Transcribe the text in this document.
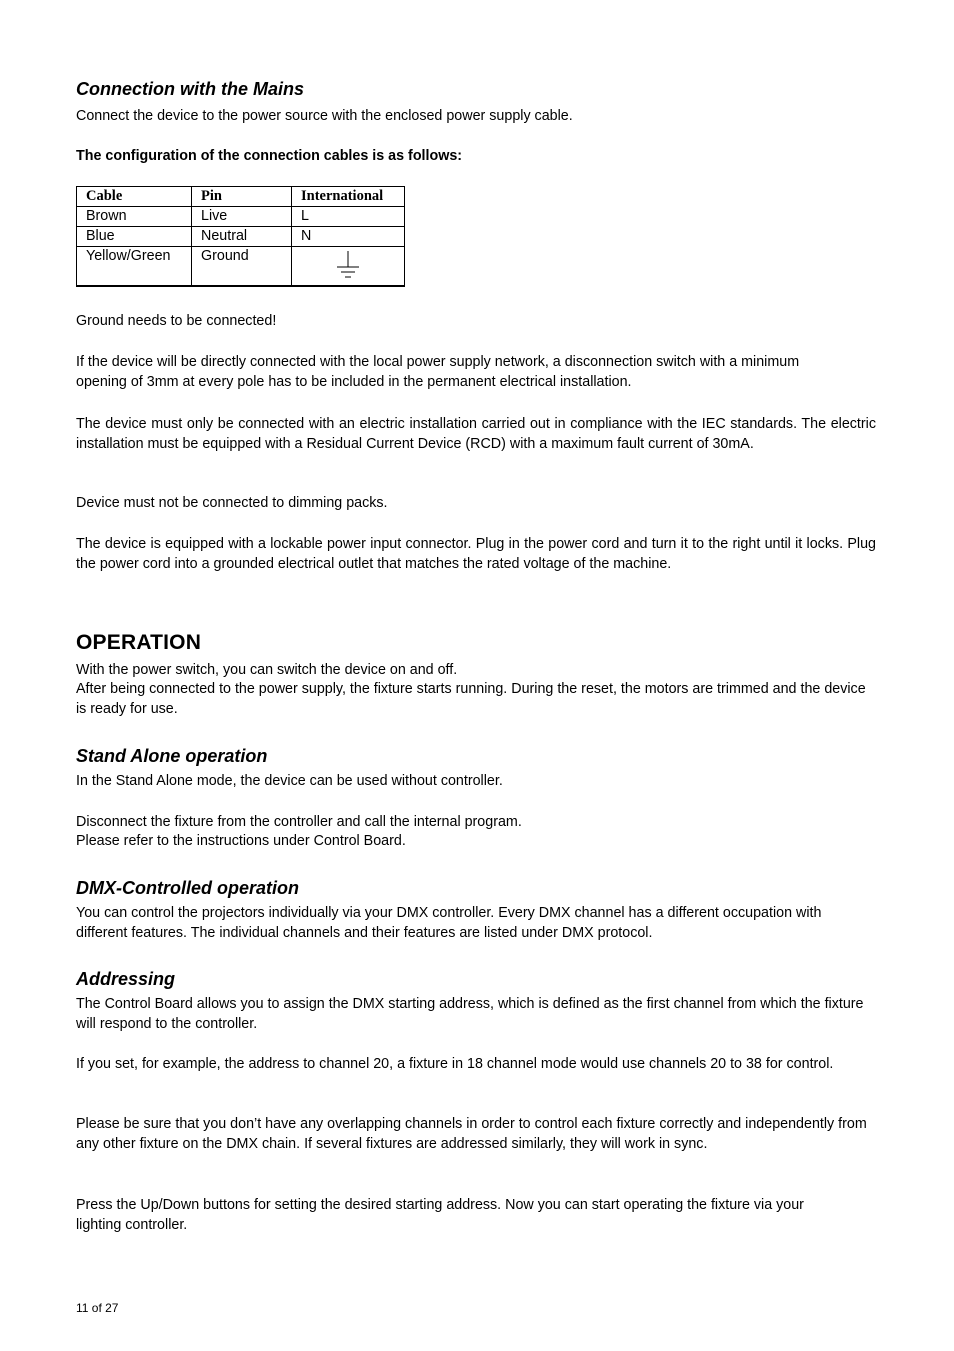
Connection with the Mains

Connect the device to the power source with the enclosed power supply cable.

The configuration of the connection cables is as follows:

Cable	Pin	International
Brown	Live	L
Blue	Neutral	N
Yellow/Green	Ground	

Ground needs to be connected!

If the device will be directly connected with the local power supply network, a disconnection switch with a minimum opening of 3mm at every pole has to be included in the permanent electrical installation.

The device must only be connected with an electric installation carried out in compliance with the IEC standards. The electric installation must be equipped with a Residual Current Device (RCD) with a maximum fault current of 30mA.

Device must not be connected to dimming packs.

The device is equipped with a lockable power input connector. Plug in the power cord and turn it to the right until it locks. Plug the power cord into a grounded electrical outlet that matches the rated voltage of the machine.

OPERATION

With the power switch, you can switch the device on and off.

After being connected to the power supply, the fixture starts running. During the reset, the motors are trimmed and the device is ready for use.

Stand Alone operation

In the Stand Alone mode, the device can be used without controller.

Disconnect the fixture from the controller and call the internal program.

Please refer to the instructions under Control Board.

DMX-Controlled operation

You can control the projectors individually via your DMX controller. Every DMX channel has a different occupation with different features. The individual channels and their features are listed under DMX protocol.

Addressing

The Control Board allows you to assign the DMX starting address, which is defined as the first channel from which the fixture will respond to the controller.

If you set, for example, the address to channel 20, a fixture in 18 channel mode would use channels 20 to 38 for control.

Please be sure that you don’t have any overlapping channels in order to control each fixture correctly and independently from any other fixture on the DMX chain. If several fixtures are addressed similarly, they will work in sync.

Press the Up/Down buttons for setting the desired starting address. Now you can start operating the fixture via your lighting controller.

11 of 27
